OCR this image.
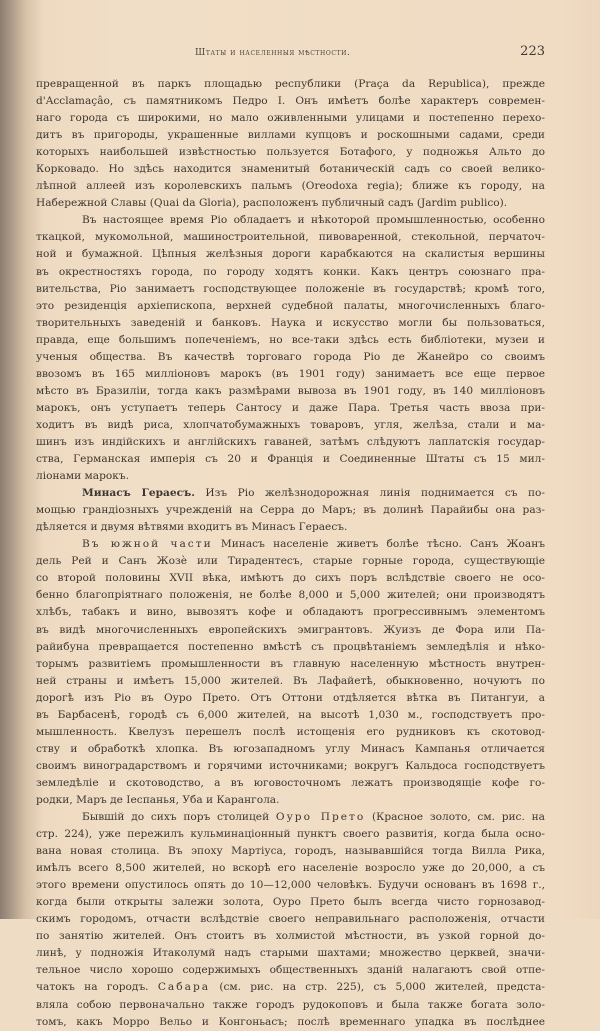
Штаты и населенныя мѣстности.	223
превращенной въ паркъ площадью республики (Praça da Republica), прежде
d'Acclamaçâo, съ памятникомъ Педро I. Онъ имѣетъ болѣе характеръ современ-
наго города съ широкими, но мало оживленными улицами и постепенно перехо-
дитъ въ пригороды, украшенные виллами купцовъ и роскошными садами, среди
которыхъ наибольшей извѣстностью пользуется Ботафого, у подножья Альто до
Корковадо. Но здѣсь находится знаменитый ботаническій садъ со своей велико-
лѣпной аллеей изъ королевскихъ пальмъ (Oreodoxa regia); ближе къ городу, на
Набережной Славы (Quai da Gloria), расположенъ публичный садъ (Jardim publico).
Въ настоящее время Ріо обладаетъ и нѣкоторой промышленностью, особенно
ткацкой, мукомольной, машиностроительной, пивоваренной, стекольной, перчаточ-
ной и бумажной. Цѣпныя желѣзныя дороги карабкаются на скалистыя вершины
въ окрестностяхъ города, по городу ходятъ конки. Какъ центръ союзнаго пра-
вительства, Ріо занимаетъ господствующее положеніе въ государствѣ; кромѣ того,
это резиденція архіепископа, верхней судебной палаты, многочисленныхъ благо-
творительныхъ заведеній и банковъ. Наука и искусство могли бы пользоваться,
правда, еще большимъ попеченіемъ, но все-таки здѣсь есть библіотеки, музеи и
ученыя общества. Въ качествѣ торговаго города Ріо де Жанейро со своимъ
ввозомъ въ 165 милліоновъ марокъ (въ 1901 году) занимаетъ все еще первое
мѣсто въ Бразиліи, тогда какъ размѣрами вывоза въ 1901 году, въ 140 милліоновъ
марокъ, онъ уступаетъ теперь Сантосу и даже Пара. Третья часть ввоза при-
ходитъ въ видѣ риса, хлопчатобумажныхъ товаровъ, угля, желѣза, стали и ма-
шинъ изъ индійскихъ и англійскихъ гаваней, затѣмъ слѣдуютъ лаплатскія государ-
ства, Германская имперія съ 20 и Франція и Соединенные Штаты съ 15 мил-
ліонами марокъ.
Минасъ Гераесъ. Изъ Ріо желѣзнодорожная линія поднимается съ по-
мощью грандіозныхъ учрежденій на Серра до Маръ; въ долинѣ Парайибы она раз-
дѣляется и двумя вѣтвями входитъ въ Минасъ Гераесъ.
Въ южной части Минасъ населеніе живетъ болѣе тѣсно. Санъ Жоанъ
дель Рей и Санъ Жозè или Тирадентесъ, старые горные города, существующіе
со второй половины XVII вѣка, имѣютъ до сихъ поръ вслѣдствіе своего не осо-
бенно благопріятнаго положенія, не болѣе 8,000 и 5,000 жителей; они производятъ
хлѣбъ, табакъ и вино, вывозятъ кофе и обладаютъ прогрессивнымъ элементомъ
въ видѣ многочисленныхъ европейскихъ эмигрантовъ. Жуизъ де Фора или Па-
райибуна превращается постепенно вмѣстѣ съ процвѣтаніемъ земледѣлія и нѣко-
торымъ развитіемъ промышленности въ главную населенную мѣстность внутрен-
ней страны и имѣетъ 15,000 жителей. Въ Лафайетѣ, обыкновенно, ночуютъ по
дорогѣ изъ Ріо въ Оуро Прето. Отъ Оттони отдѣляется вѣтка въ Питангуи, а
въ Барбасенѣ, городѣ съ 6,000 жителей, на высотѣ 1,030 м., господствуетъ про-
мышленность. Квелузъ перешелъ послѣ истощенія его рудниковъ къ скотовод-
ству и обработкѣ хлопка. Въ югозападномъ углу Минасъ Кампанья отличается
своимъ виноградарствомъ и горячими источниками; вокругъ Кальдоса господствуетъ
земледѣліе и скотоводство, а въ юговосточномъ лежатъ производящіе кофе го-
родки, Маръ де Іеспанья, Уба и Карангола.
Бывшій до сихъ поръ столицей Оуро Прето (Красное золото, см. рис. на
стр. 224), уже пережилъ кульминаціонный пунктъ своего развитія, когда была осно-
вана новая столица. Въ эпоху Мартіуса, городъ, называвшійся тогда Вилла Рика,
имѣлъ всего 8,500 жителей, но вскорѣ его населеніе возросло уже до 20,000, а съ
этого времени опустилось опять до 10—12,000 человѣкъ. Будучи основанъ въ 1698 г.,
когда были открыты залежи золота, Оуро Прето былъ всегда чисто горнозавод-
скимъ городомъ, отчасти вслѣдствіе своего неправильнаго расположенія, отчасти
по занятію жителей. Онъ стоитъ въ холмистой мѣстности, въ узкой горной до-
линѣ, у подножія Итаколумй надъ старыми шахтами; множество церквей, значи-
тельное число хорошо содержимыхъ общественныхъ зданій налагаютъ свой отпе-
чатокъ на городъ. Сабара (см. рис. на стр. 225), съ 5,000 жителей, предста-
вляла собою первоначально также городъ рудокоповъ и была также богата золо-
томъ, какъ Морро Вельо и Конгоньасъ; послѣ временнаго упадка въ послѣднее
